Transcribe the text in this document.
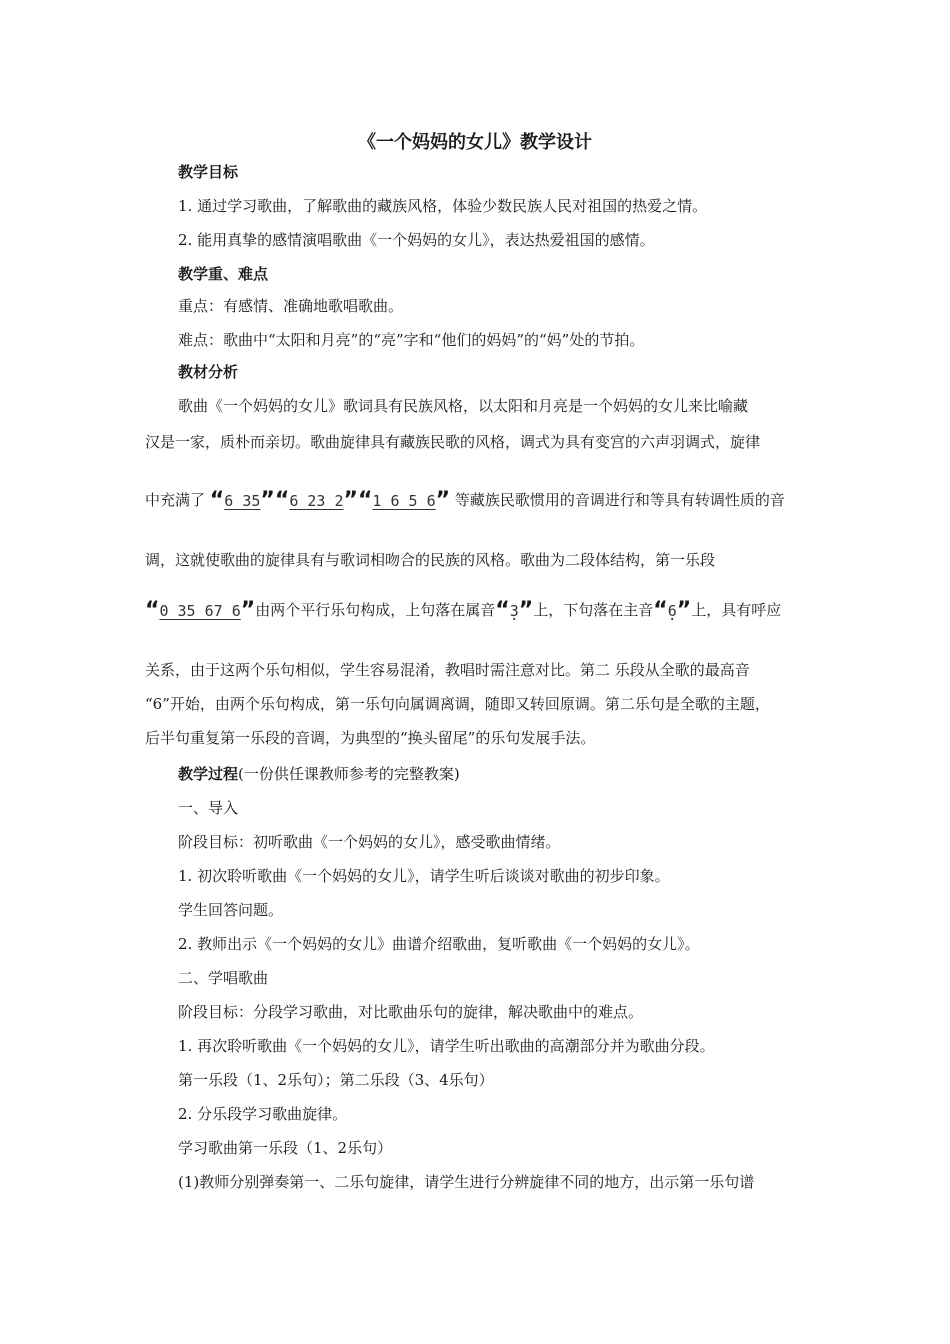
《一个妈妈的女儿》教学设计
教学目标
1. 通过学习歌曲，了解歌曲的藏族风格，体验少数民族人民对祖国的热爱之情。
2. 能用真挚的感情演唱歌曲《一个妈妈的女儿》，表达热爱祖国的感情。
教学重、难点
重点：有感情、准确地歌唱歌曲。
难点：歌曲中“太阳和月亮”的“亮”字和“他们的妈妈”的“妈”处的节拍。
教材分析
歌曲《一个妈妈的女儿》歌词具有民族风格，以太阳和月亮是一个妈妈的女儿来比喻藏
汉是一家，质朴而亲切。歌曲旋律具有藏族民歌的风格，调式为具有变宫的六声羽调式，旋律
中充满了 “6 35”“6 23 2”“1 6 5 6” 等藏族民歌惯用的音调进行和等具有转调性质的音
调，这就使歌曲的旋律具有与歌词相吻合的民族的风格。歌曲为二段体结构，第一乐段
“0 35 67 6”由两个平行乐句构成，上句落在属音“3 ·”上，下句落在主音“6 ·”上，具有呼应
关系，由于这两个乐句相似，学生容易混淆，教唱时需注意对比。第二 乐段从全歌的最高音
“6”开始，由两个乐句构成，第一乐句向属调离调，随即又转回原调。第二乐句是全歌的主题，
后半句重复第一乐段的音调，为典型的“换头留尾”的乐句发展手法。
教学过程(一份供任课教师参考的完整教案)
一、导入
阶段目标：初听歌曲《一个妈妈的女儿》，感受歌曲情绪。
1. 初次聆听歌曲《一个妈妈的女儿》，请学生听后谈谈对歌曲的初步印象。
学生回答问题。
2. 教师出示《一个妈妈的女儿》曲谱介绍歌曲，复听歌曲《一个妈妈的女儿》。
二、学唱歌曲
阶段目标：分段学习歌曲，对比歌曲乐句的旋律，解决歌曲中的难点。
1. 再次聆听歌曲《一个妈妈的女儿》，请学生听出歌曲的高潮部分并为歌曲分段。
第一乐段（1、2乐句）；第二乐段（3、4乐句）
2. 分乐段学习歌曲旋律。
学习歌曲第一乐段（1、2乐句）
(1)教师分别弹奏第一、二乐句旋律，请学生进行分辨旋律不同的地方，出示第一乐句谱
